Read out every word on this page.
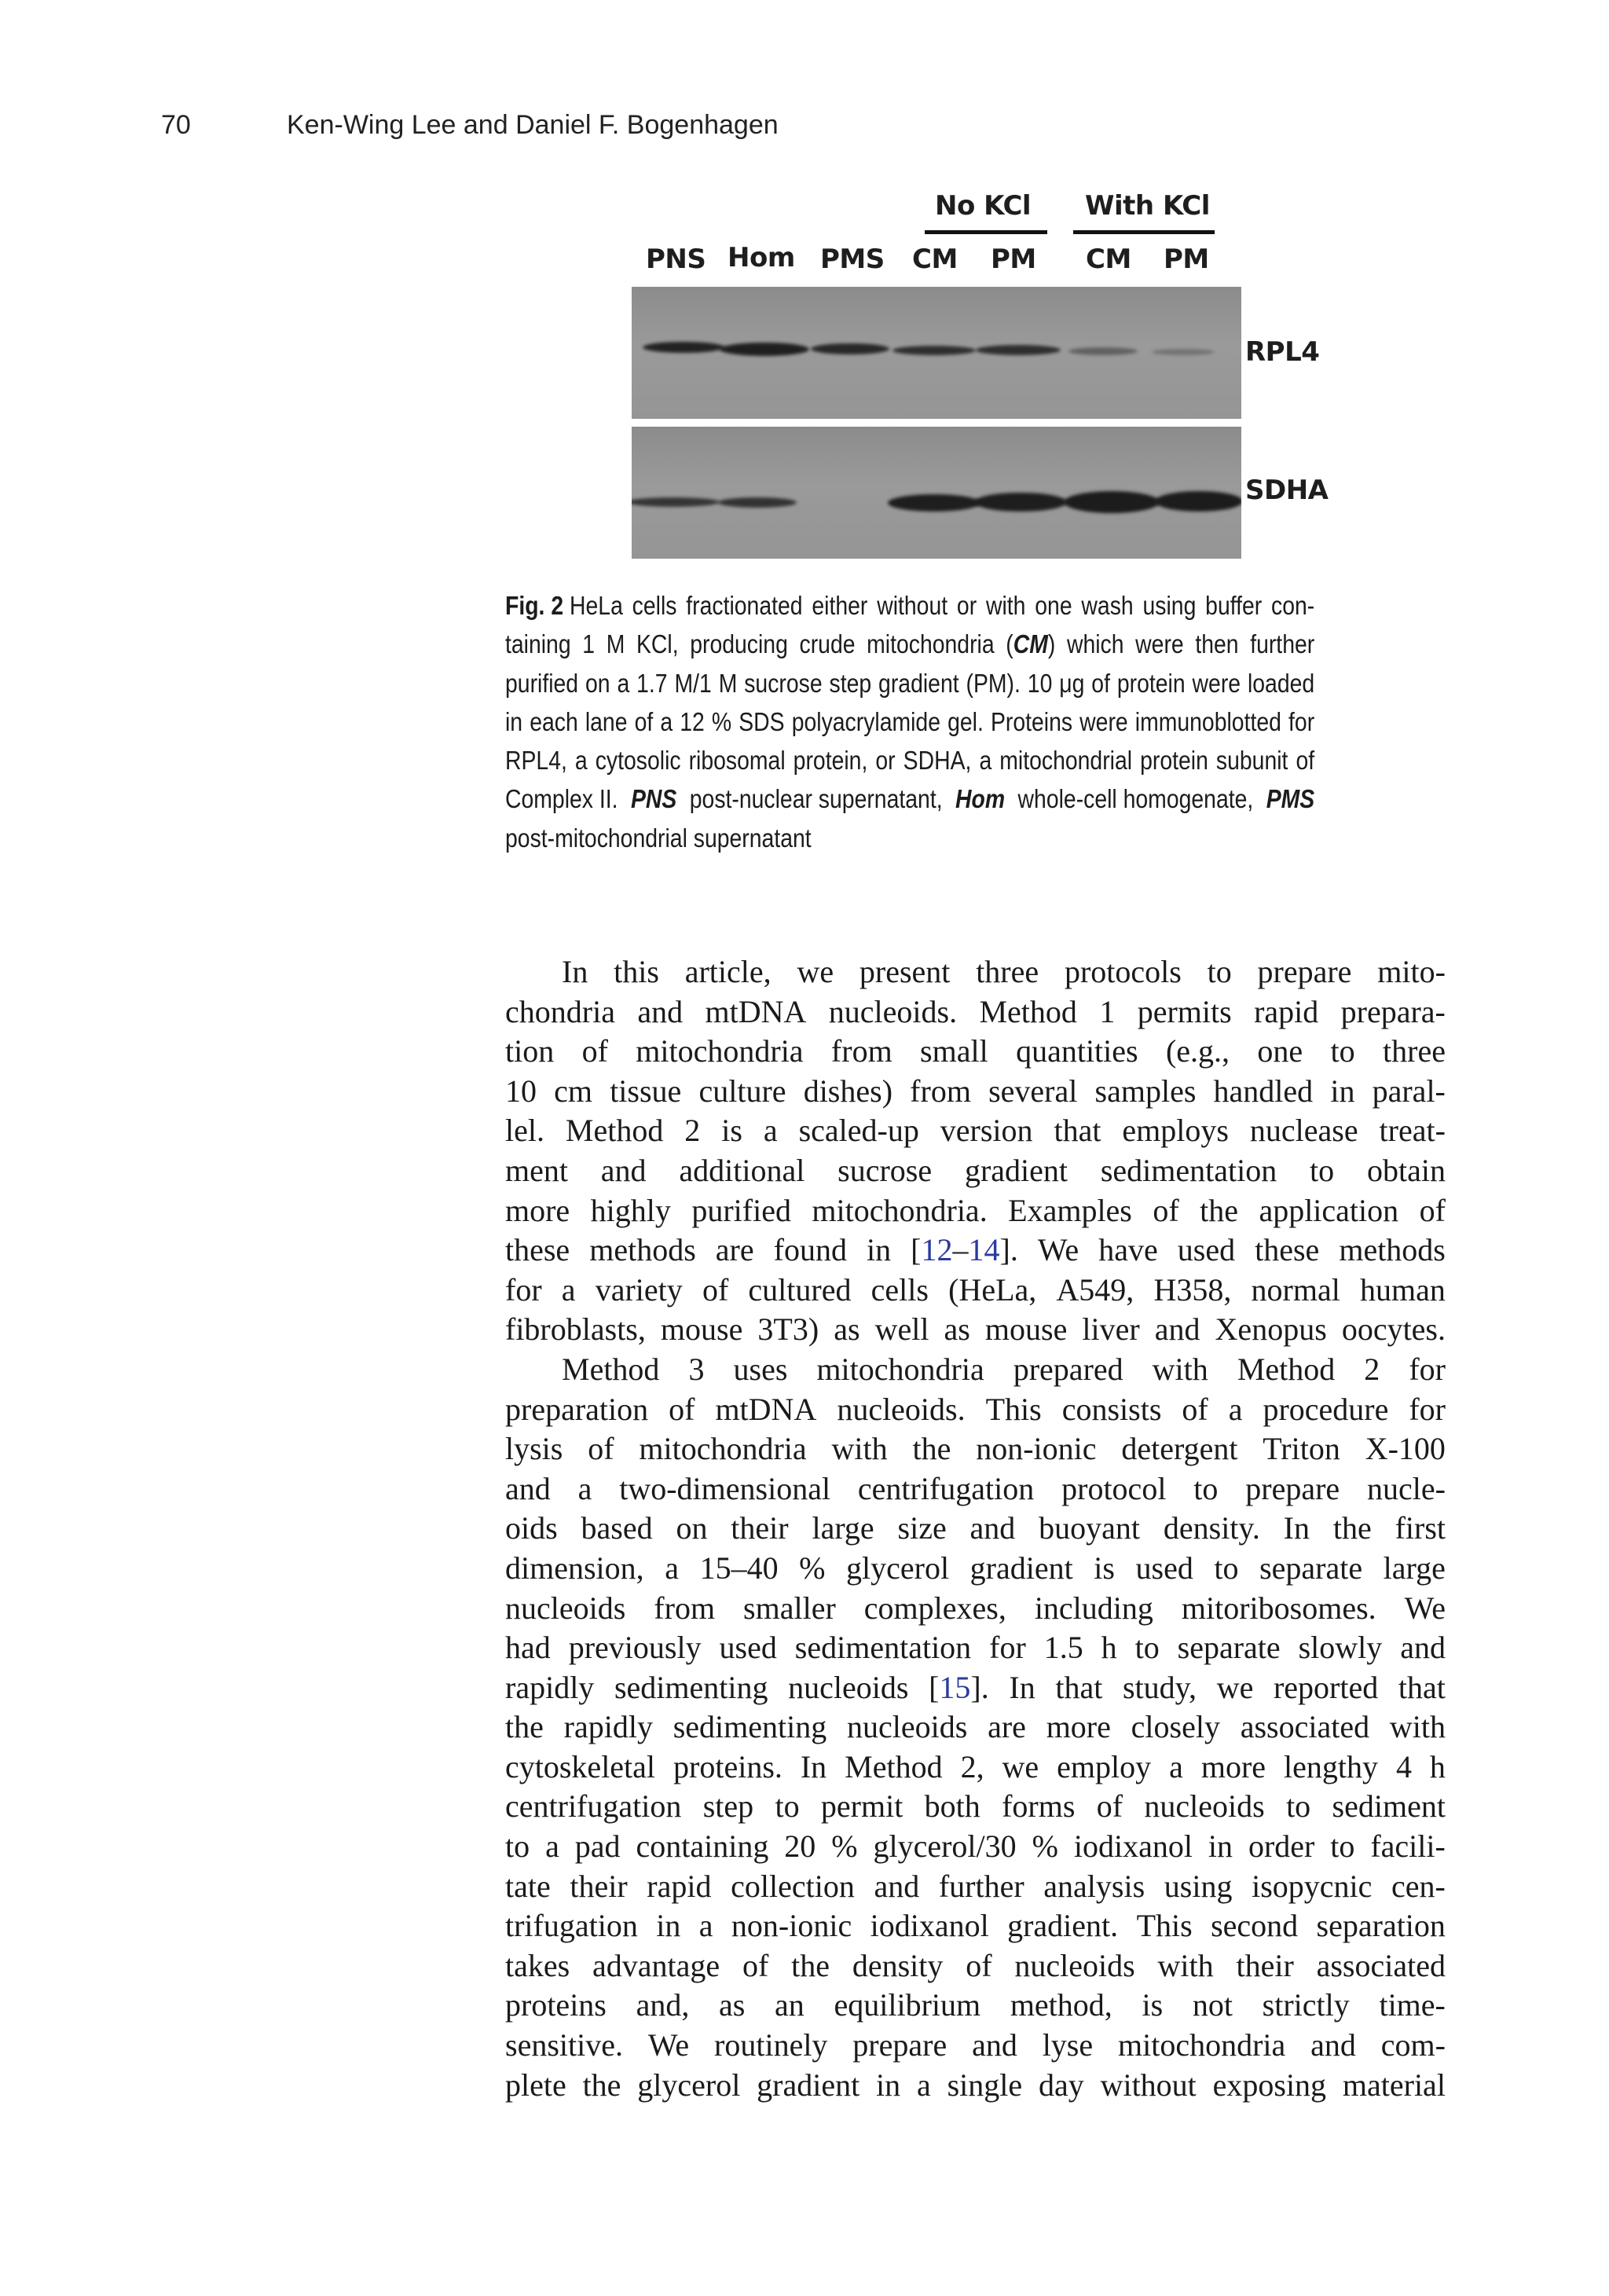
70	Ken-Wing Lee and Daniel F. Bogenhagen
No KCl With KCl
PNS Hom PMS CM PM CM PM
RPL4
SDHA
Fig. 2 HeLa cells fractionated either without or with one wash using buffer con-
taining 1 M KCl, producing crude mitochondria (CM) which were then further
purified on a 1.7 M/1 M sucrose step gradient (PM). 10 μg of protein were loaded
in each lane of a 12 % SDS polyacrylamide gel. Proteins were immunoblotted for
RPL4, a cytosolic ribosomal protein, or SDHA, a mitochondrial protein subunit of
Complex II. PNS post-nuclear supernatant, Hom whole-cell homogenate, PMS
post-mitochondrial supernatant
In this article, we present three protocols to prepare mito-
chondria and mtDNA nucleoids. Method 1 permits rapid prepara-
tion of mitochondria from small quantities (e.g., one to three
10 cm tissue culture dishes) from several samples handled in paral-
lel. Method 2 is a scaled-up version that employs nuclease treat-
ment and additional sucrose gradient sedimentation to obtain
more highly purified mitochondria. Examples of the application of
these methods are found in [12–14]. We have used these methods
for a variety of cultured cells (HeLa, A549, H358, normal human
fibroblasts, mouse 3T3) as well as mouse liver and Xenopus oocytes.
Method 3 uses mitochondria prepared with Method 2 for
preparation of mtDNA nucleoids. This consists of a procedure for
lysis of mitochondria with the non-ionic detergent Triton X-100
and a two-dimensional centrifugation protocol to prepare nucle-
oids based on their large size and buoyant density. In the first
dimension, a 15–40 % glycerol gradient is used to separate large
nucleoids from smaller complexes, including mitoribosomes. We
had previously used sedimentation for 1.5 h to separate slowly and
rapidly sedimenting nucleoids [15]. In that study, we reported that
the rapidly sedimenting nucleoids are more closely associated with
cytoskeletal proteins. In Method 2, we employ a more lengthy 4 h
centrifugation step to permit both forms of nucleoids to sediment
to a pad containing 20 % glycerol/30 % iodixanol in order to facili-
tate their rapid collection and further analysis using isopycnic cen-
trifugation in a non-ionic iodixanol gradient. This second separation
takes advantage of the density of nucleoids with their associated
proteins and, as an equilibrium method, is not strictly time-
sensitive. We routinely prepare and lyse mitochondria and com-
plete the glycerol gradient in a single day without exposing material
